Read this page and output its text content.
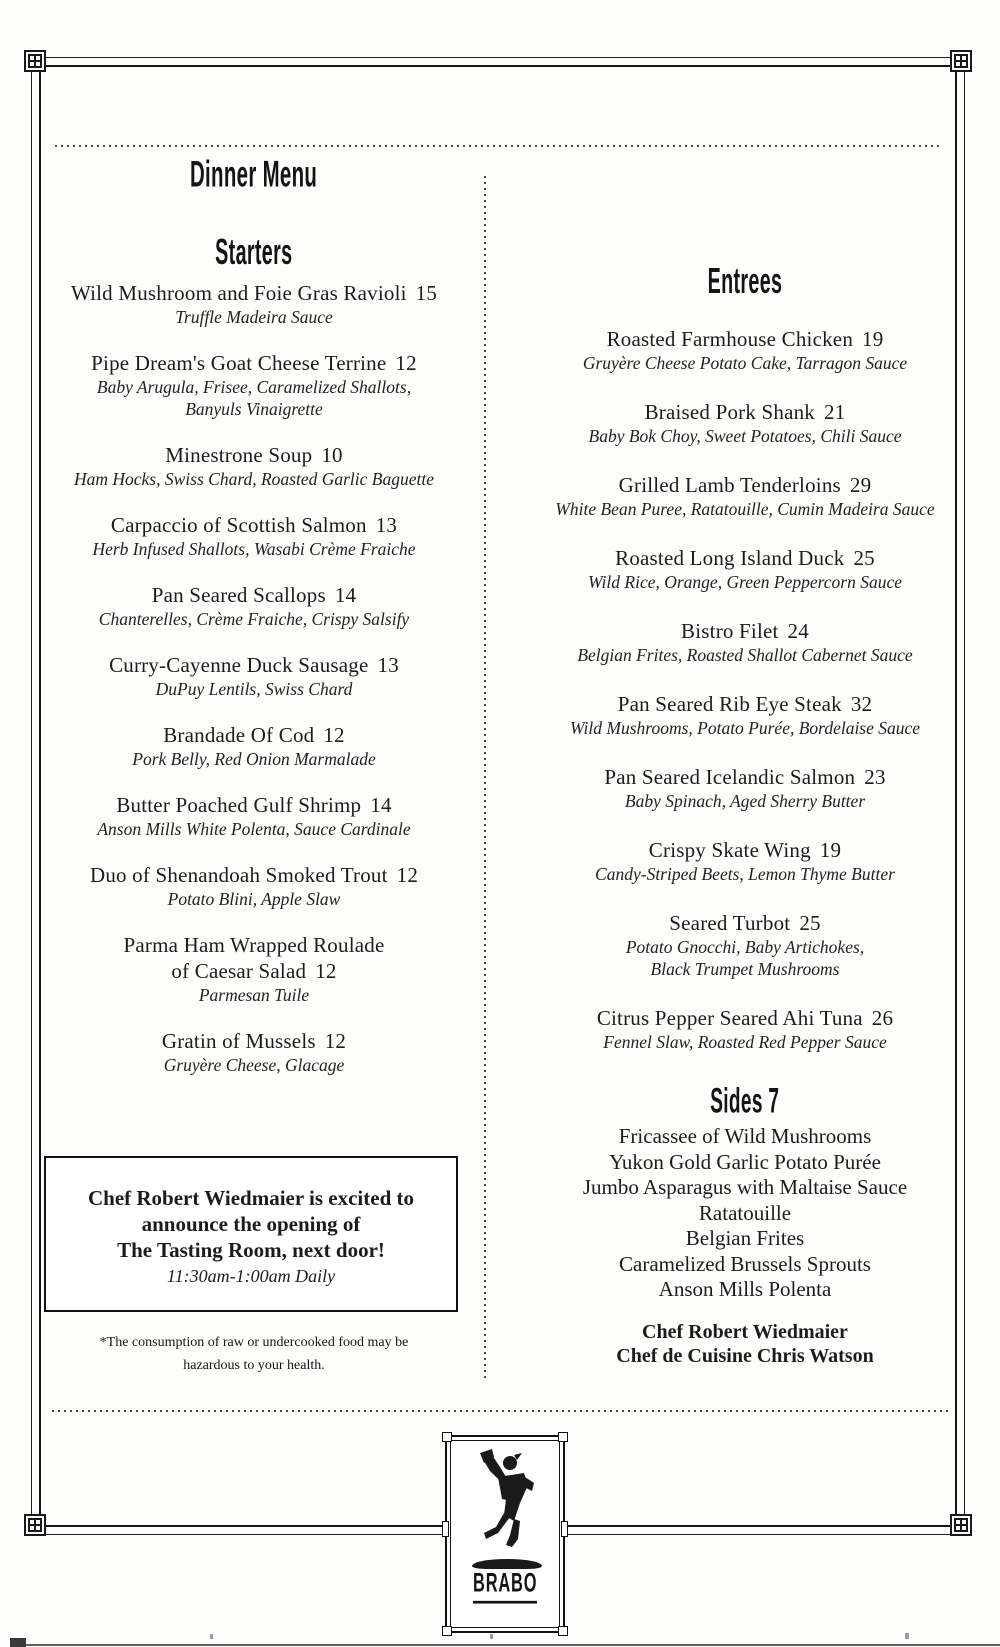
Dinner Menu
Starters
Wild Mushroom and Foie Gras Ravioli 15
Truffle Madeira Sauce
Pipe Dream's Goat Cheese Terrine 12
Baby Arugula, Frisee, Caramelized Shallots,
Banyuls Vinaigrette
Minestrone Soup 10
Ham Hocks, Swiss Chard, Roasted Garlic Baguette
Carpaccio of Scottish Salmon 13
Herb Infused Shallots, Wasabi Crème Fraiche
Pan Seared Scallops 14
Chanterelles, Crème Fraiche, Crispy Salsify
Curry-Cayenne Duck Sausage 13
DuPuy Lentils, Swiss Chard
Brandade Of Cod 12
Pork Belly, Red Onion Marmalade
Butter Poached Gulf Shrimp 14
Anson Mills White Polenta, Sauce Cardinale
Duo of Shenandoah Smoked Trout 12
Potato Blini, Apple Slaw
Parma Ham Wrapped Roulade
of Caesar Salad 12
Parmesan Tuile
Gratin of Mussels 12
Gruyère Cheese, Glacage
Chef Robert Wiedmaier is excited to
announce the opening of
The Tasting Room, next door!
11:30am-1:00am Daily
*The consumption of raw or undercooked food may be
hazardous to your health.
Entrees
Roasted Farmhouse Chicken 19
Gruyère Cheese Potato Cake, Tarragon Sauce
Braised Pork Shank 21
Baby Bok Choy, Sweet Potatoes, Chili Sauce
Grilled Lamb Tenderloins 29
White Bean Puree, Ratatouille, Cumin Madeira Sauce
Roasted Long Island Duck 25
Wild Rice, Orange, Green Peppercorn Sauce
Bistro Filet 24
Belgian Frites, Roasted Shallot Cabernet Sauce
Pan Seared Rib Eye Steak 32
Wild Mushrooms, Potato Purée, Bordelaise Sauce
Pan Seared Icelandic Salmon 23
Baby Spinach, Aged Sherry Butter
Crispy Skate Wing 19
Candy-Striped Beets, Lemon Thyme Butter
Seared Turbot 25
Potato Gnocchi, Baby Artichokes,
Black Trumpet Mushrooms
Citrus Pepper Seared Ahi Tuna 26
Fennel Slaw, Roasted Red Pepper Sauce
Sides 7
Fricassee of Wild Mushrooms
Yukon Gold Garlic Potato Purée
Jumbo Asparagus with Maltaise Sauce
Ratatouille
Belgian Frites
Caramelized Brussels Sprouts
Anson Mills Polenta
Chef Robert Wiedmaier
Chef de Cuisine Chris Watson
BRABO
